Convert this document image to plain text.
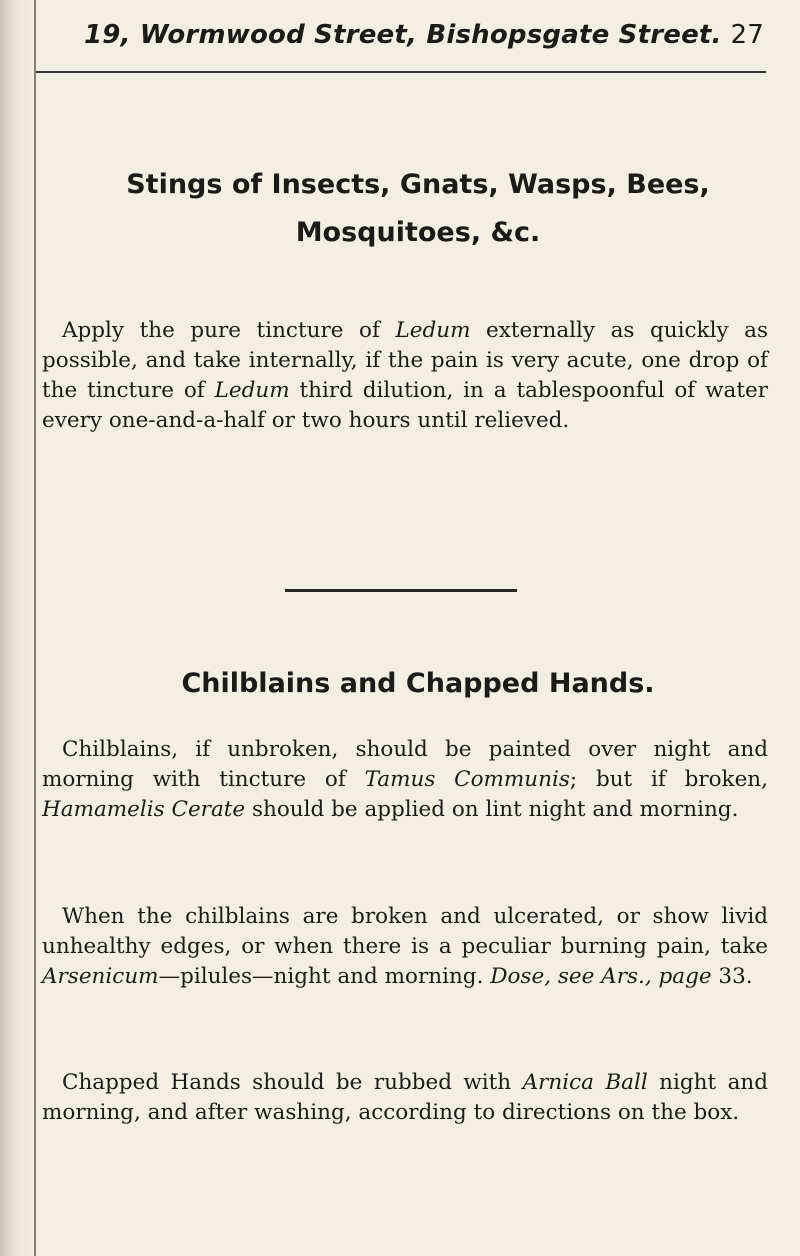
19, Wormwood Street, Bishopsgate Street. 27
Stings of Insects, Gnats, Wasps, Bees,
Mosquitoes, &c.
Apply the pure tincture of Ledum externally as quickly as possible, and take internally, if the pain is very acute, one drop of the tincture of Ledum third dilution, in a tablespoonful of water every one-and-a-half or two hours until relieved.
Chilblains and Chapped Hands.
Chilblains, if unbroken, should be painted over night and morning with tincture of Tamus Communis; but if broken, Hamamelis Cerate should be applied on lint night and morning.
When the chilblains are broken and ulcerated, or show livid unhealthy edges, or when there is a peculiar burning pain, take Arsenicum—pilules—night and morning. Dose, see Ars., page 33.
Chapped Hands should be rubbed with Arnica Ball night and morning, and after washing, according to directions on the box.
